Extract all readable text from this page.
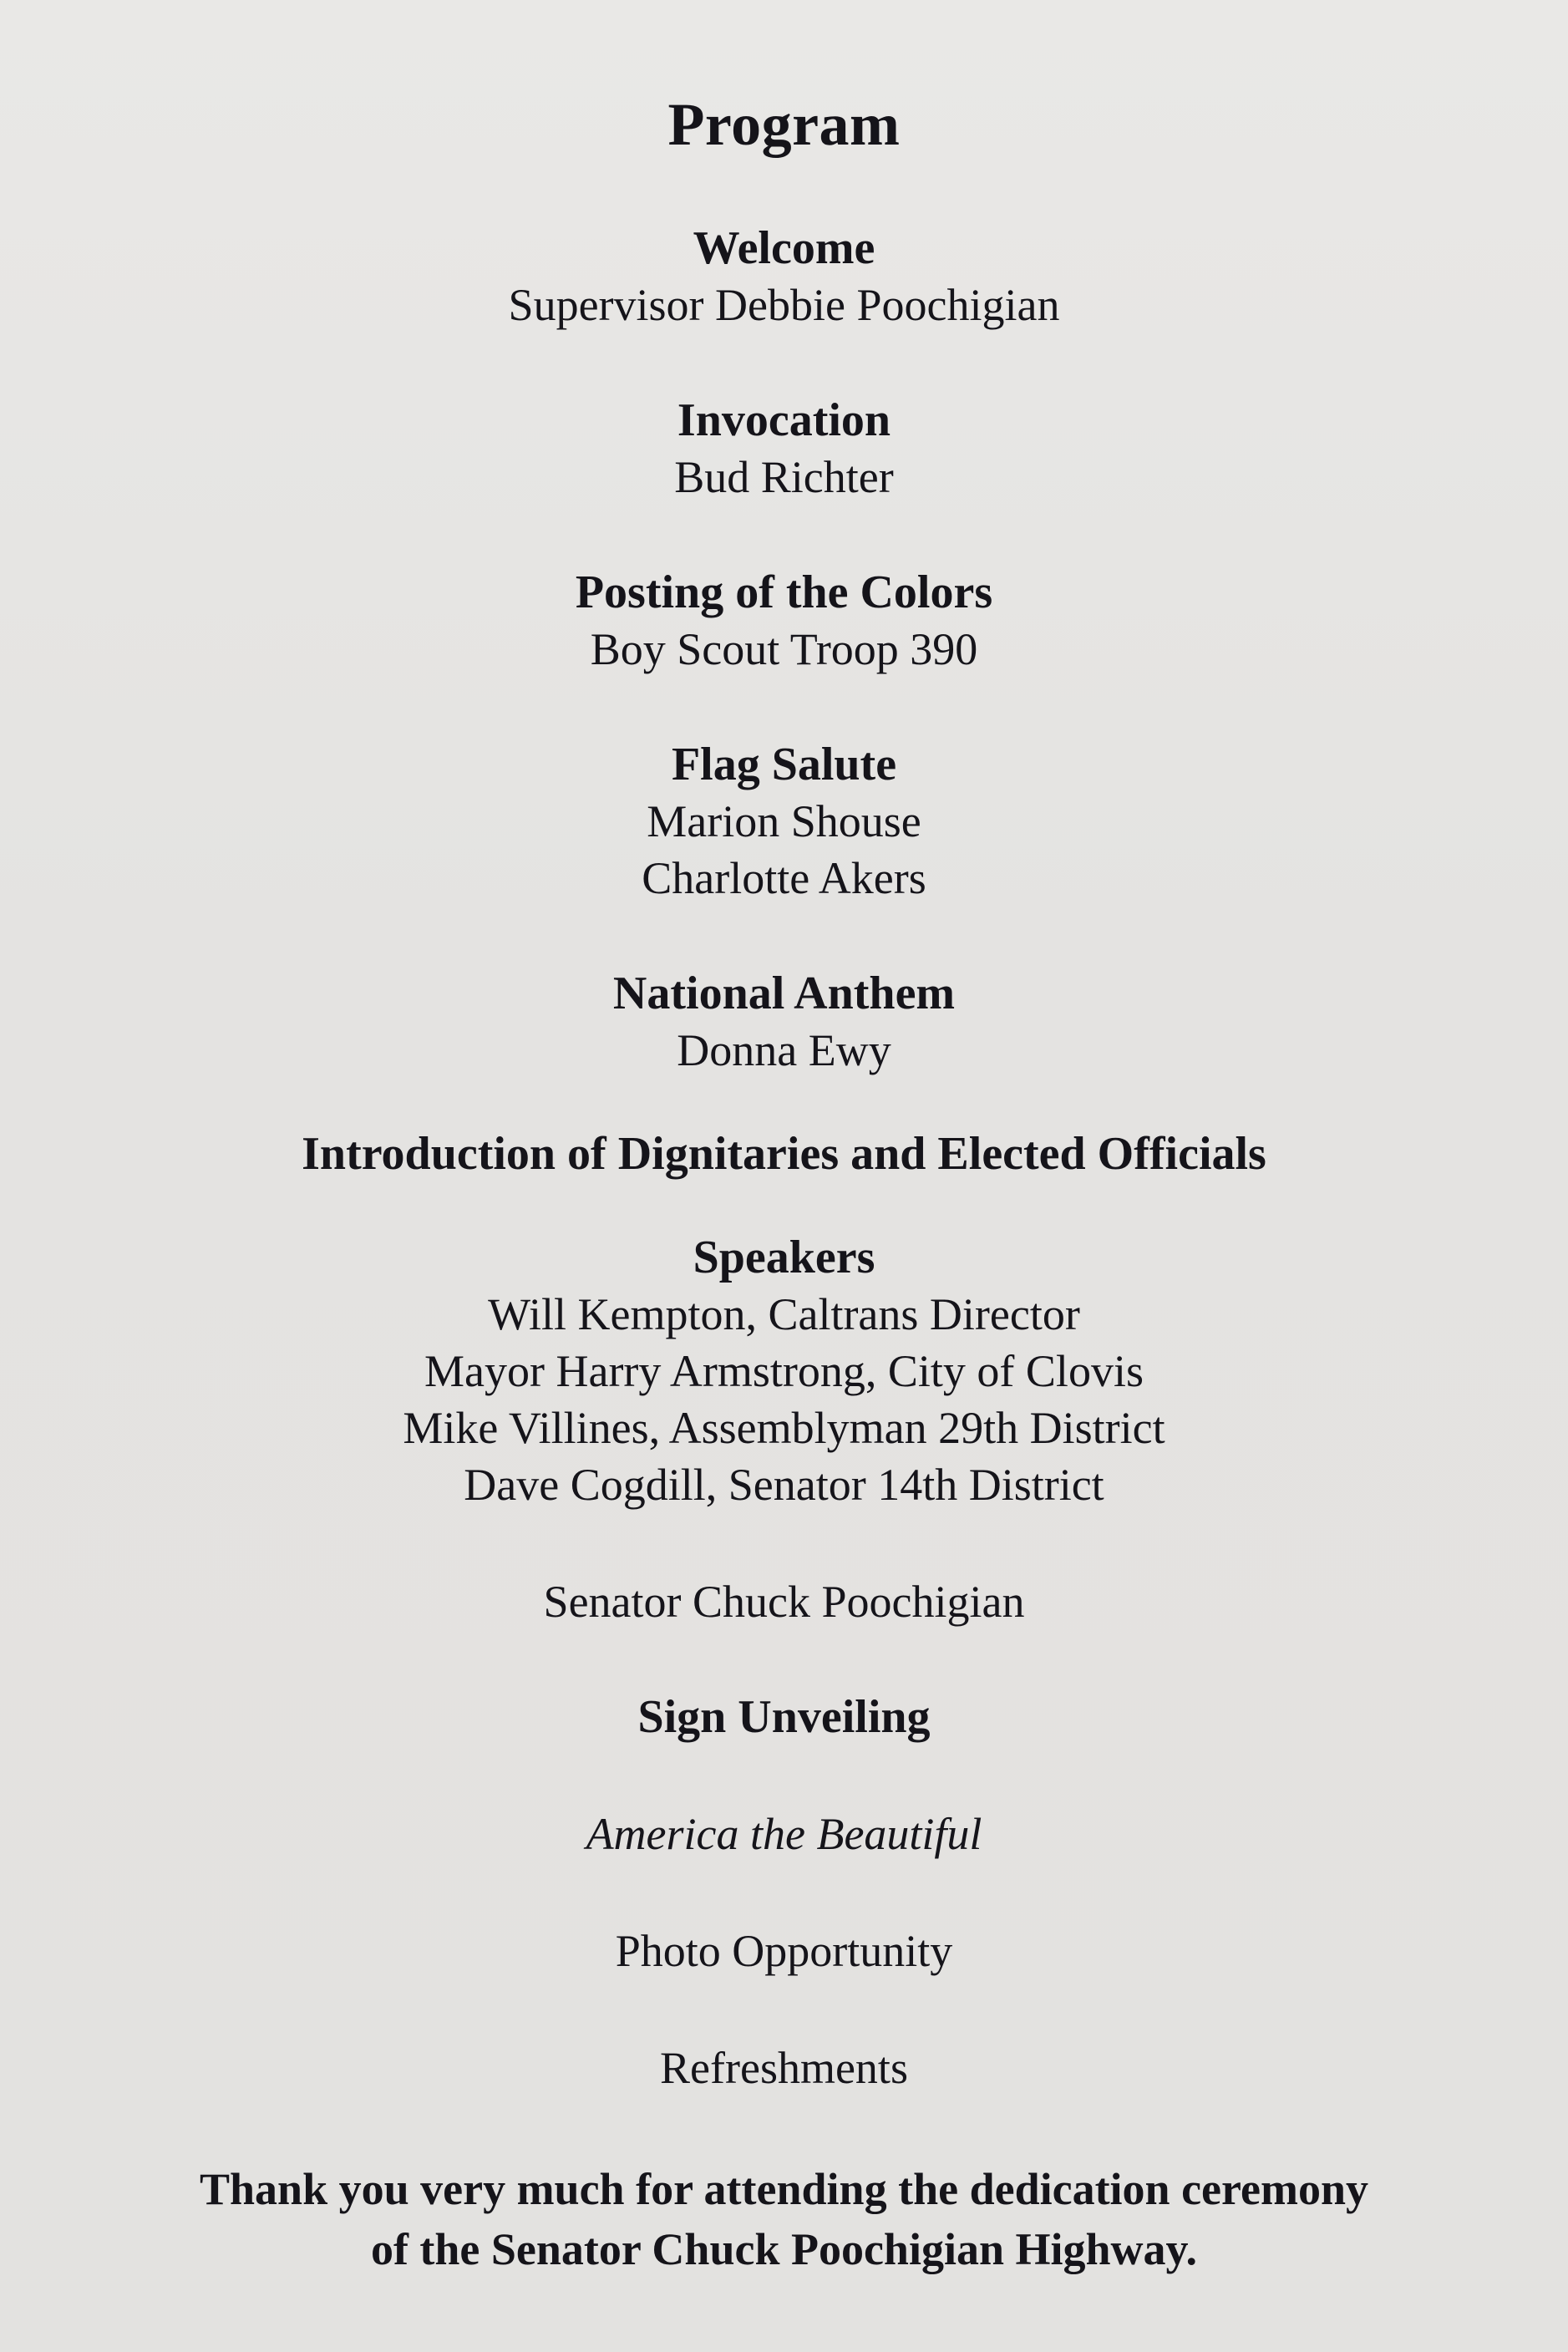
Program
Welcome
Supervisor Debbie Poochigian
Invocation
Bud Richter
Posting of the Colors
Boy Scout Troop 390
Flag Salute
Marion Shouse
Charlotte Akers
National Anthem
Donna Ewy
Introduction of Dignitaries and Elected Officials
Speakers
Will Kempton, Caltrans Director
Mayor Harry Armstrong, City of Clovis
Mike Villines, Assemblyman 29th District
Dave Cogdill, Senator 14th District
Senator Chuck Poochigian
Sign Unveiling
America the Beautiful
Photo Opportunity
Refreshments
Thank you very much for attending the dedication ceremony
of the Senator Chuck Poochigian Highway.
